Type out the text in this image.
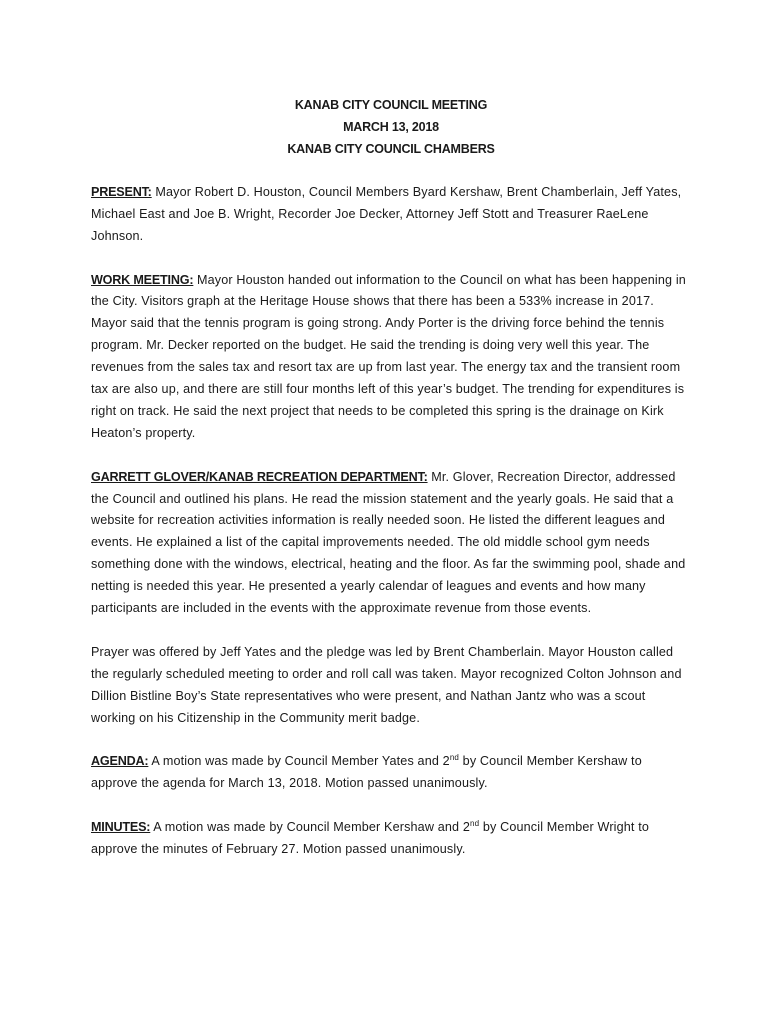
KANAB CITY COUNCIL MEETING
MARCH 13, 2018
KANAB CITY COUNCIL CHAMBERS

PRESENT: Mayor Robert D. Houston, Council Members Byard Kershaw, Brent Chamberlain, Jeff Yates, Michael East and Joe B. Wright, Recorder Joe Decker, Attorney Jeff Stott and Treasurer RaeLene Johnson.

WORK MEETING: Mayor Houston handed out information to the Council on what has been happening in the City. Visitors graph at the Heritage House shows that there has been a 533% increase in 2017. Mayor said that the tennis program is going strong. Andy Porter is the driving force behind the tennis program. Mr. Decker reported on the budget. He said the trending is doing very well this year. The revenues from the sales tax and resort tax are up from last year. The energy tax and the transient room tax are also up, and there are still four months left of this year’s budget. The trending for expenditures is right on track. He said the next project that needs to be completed this spring is the drainage on Kirk Heaton’s property.

GARRETT GLOVER/KANAB RECREATION DEPARTMENT: Mr. Glover, Recreation Director, addressed the Council and outlined his plans. He read the mission statement and the yearly goals. He said that a website for recreation activities information is really needed soon. He listed the different leagues and events. He explained a list of the capital improvements needed. The old middle school gym needs something done with the windows, electrical, heating and the floor. As far the swimming pool, shade and netting is needed this year. He presented a yearly calendar of leagues and events and how many participants are included in the events with the approximate revenue from those events.

Prayer was offered by Jeff Yates and the pledge was led by Brent Chamberlain. Mayor Houston called the regularly scheduled meeting to order and roll call was taken. Mayor recognized Colton Johnson and Dillion Bistline Boy’s State representatives who were present, and Nathan Jantz who was a scout working on his Citizenship in the Community merit badge.

AGENDA: A motion was made by Council Member Yates and 2nd by Council Member Kershaw to approve the agenda for March 13, 2018. Motion passed unanimously.

MINUTES: A motion was made by Council Member Kershaw and 2nd by Council Member Wright to approve the minutes of February 27. Motion passed unanimously.
